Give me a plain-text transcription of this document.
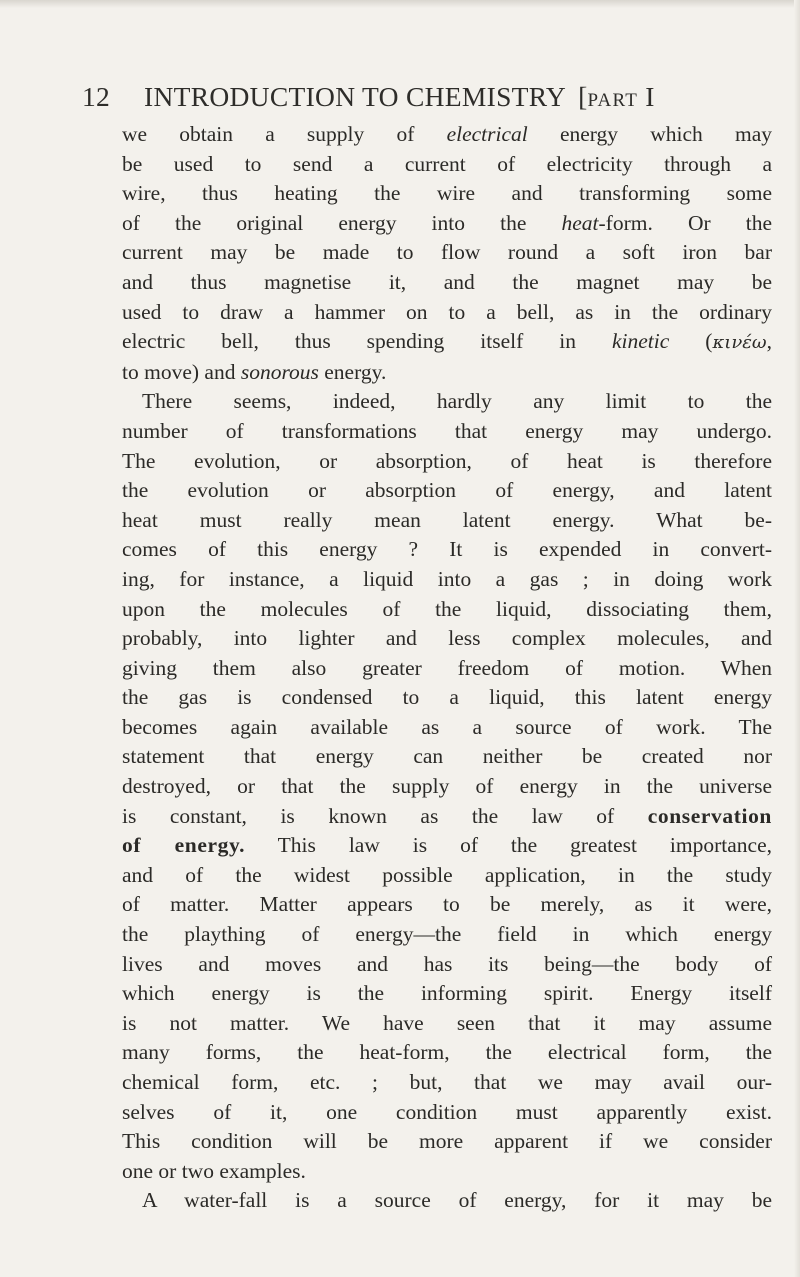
12	INTRODUCTION TO CHEMISTRY [PART I
we obtain a supply of electrical energy which may
be used to send a current of electricity through a
wire, thus heating the wire and transforming some
of the original energy into the heat-form. Or the
current may be made to flow round a soft iron bar
and thus magnetise it, and the magnet may be
used to draw a hammer on to a bell, as in the ordinary
electric bell, thus spending itself in kinetic (κινέω,
to move) and sonorous energy.
There seems, indeed, hardly any limit to the
number of transformations that energy may undergo.
The evolution, or absorption, of heat is therefore
the evolution or absorption of energy, and latent
heat must really mean latent energy. What be-
comes of this energy ? It is expended in convert-
ing, for instance, a liquid into a gas ; in doing work
upon the molecules of the liquid, dissociating them,
probably, into lighter and less complex molecules, and
giving them also greater freedom of motion. When
the gas is condensed to a liquid, this latent energy
becomes again available as a source of work. The
statement that energy can neither be created nor
destroyed, or that the supply of energy in the universe
is constant, is known as the law of conservation
of energy. This law is of the greatest importance,
and of the widest possible application, in the study
of matter. Matter appears to be merely, as it were,
the plaything of energy—the field in which energy
lives and moves and has its being—the body of
which energy is the informing spirit. Energy itself
is not matter. We have seen that it may assume
many forms, the heat-form, the electrical form, the
chemical form, etc. ; but, that we may avail our-
selves of it, one condition must apparently exist.
This condition will be more apparent if we consider
one or two examples.
A water-fall is a source of energy, for it may be
